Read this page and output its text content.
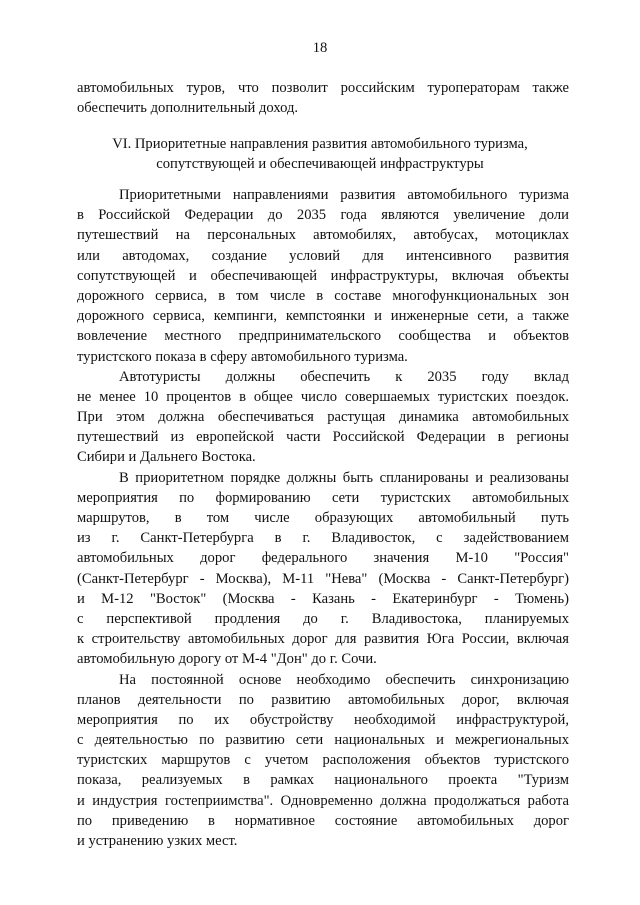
18
автомобильных туров, что позволит российским туроператорам также
обеспечить дополнительный доход.
VI. Приоритетные направления развития автомобильного туризма,
сопутствующей и обеспечивающей инфраструктуры
Приоритетными направлениями развития автомобильного туризма
в Российской Федерации до 2035 года являются увеличение доли
путешествий на персональных автомобилях, автобусах, мотоциклах
или автодомах, создание условий для интенсивного развития
сопутствующей и обеспечивающей инфраструктуры, включая объекты
дорожного сервиса, в том числе в составе многофункциональных зон
дорожного сервиса, кемпинги, кемпстоянки и инженерные сети, а также
вовлечение местного предпринимательского сообщества и объектов
туристского показа в сферу автомобильного туризма.
Автотуристы должны обеспечить к 2035 году вклад
не менее 10 процентов в общее число совершаемых туристских поездок.
При этом должна обеспечиваться растущая динамика автомобильных
путешествий из европейской части Российской Федерации в регионы
Сибири и Дальнего Востока.
В приоритетном порядке должны быть спланированы и реализованы
мероприятия по формированию сети туристских автомобильных
маршрутов, в том числе образующих автомобильный путь
из г. Санкт-Петербурга в г. Владивосток, с задействованием
автомобильных дорог федерального значения М-10 "Россия"
(Санкт-Петербург - Москва), М-11 "Нева" (Москва - Санкт-Петербург)
и М-12 "Восток" (Москва - Казань - Екатеринбург - Тюмень)
с перспективой продления до г. Владивостока, планируемых
к строительству автомобильных дорог для развития Юга России, включая
автомобильную дорогу от М-4 "Дон" до г. Сочи.
На постоянной основе необходимо обеспечить синхронизацию
планов деятельности по развитию автомобильных дорог, включая
мероприятия по их обустройству необходимой инфраструктурой,
с деятельностью по развитию сети национальных и межрегиональных
туристских маршрутов с учетом расположения объектов туристского
показа, реализуемых в рамках национального проекта "Туризм
и индустрия гостеприимства". Одновременно должна продолжаться работа
по приведению в нормативное состояние автомобильных дорог
и устранению узких мест.
